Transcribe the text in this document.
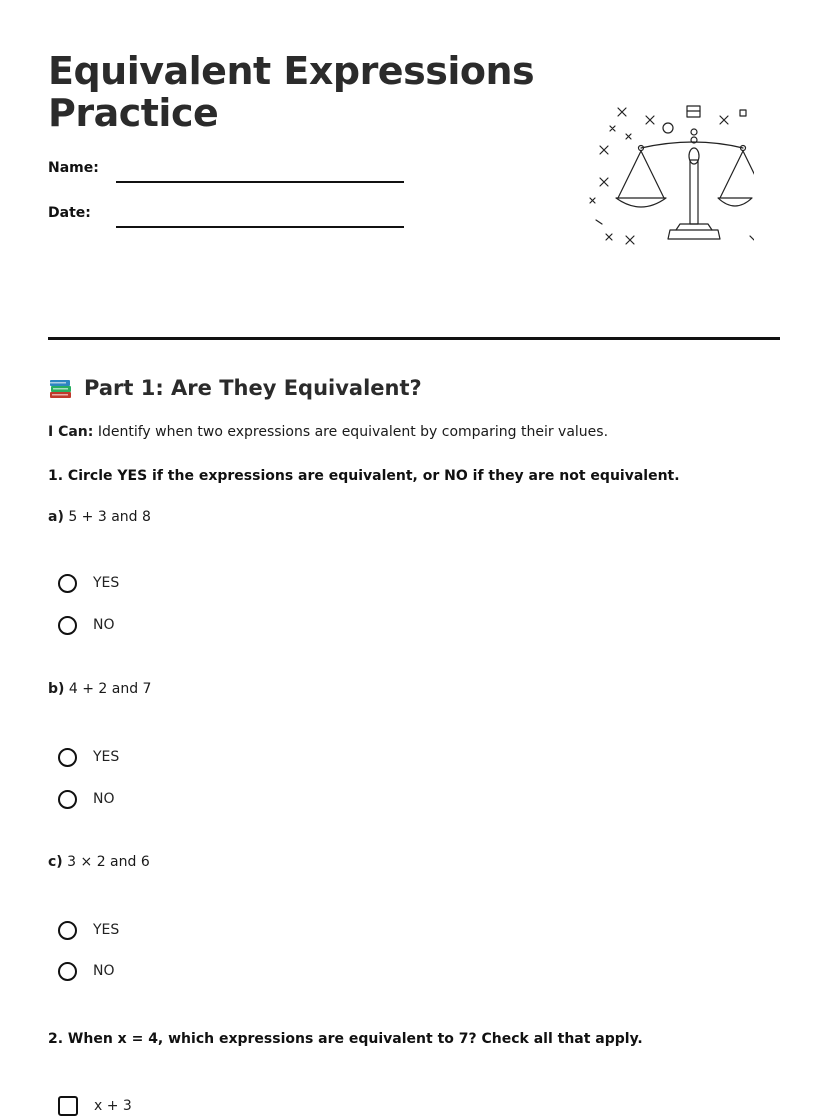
Equivalent Expressions
Practice
Name:
Date:
Part 1: Are They Equivalent?
I Can: Identify when two expressions are equivalent by comparing their values.
1. Circle YES if the expressions are equivalent, or NO if they are not equivalent.
a) 5 + 3 and 8
YES
NO
b) 4 + 2 and 7
YES
NO
c) 3 × 2 and 6
YES
NO
2. When x = 4, which expressions are equivalent to 7? Check all that apply.
x + 3
